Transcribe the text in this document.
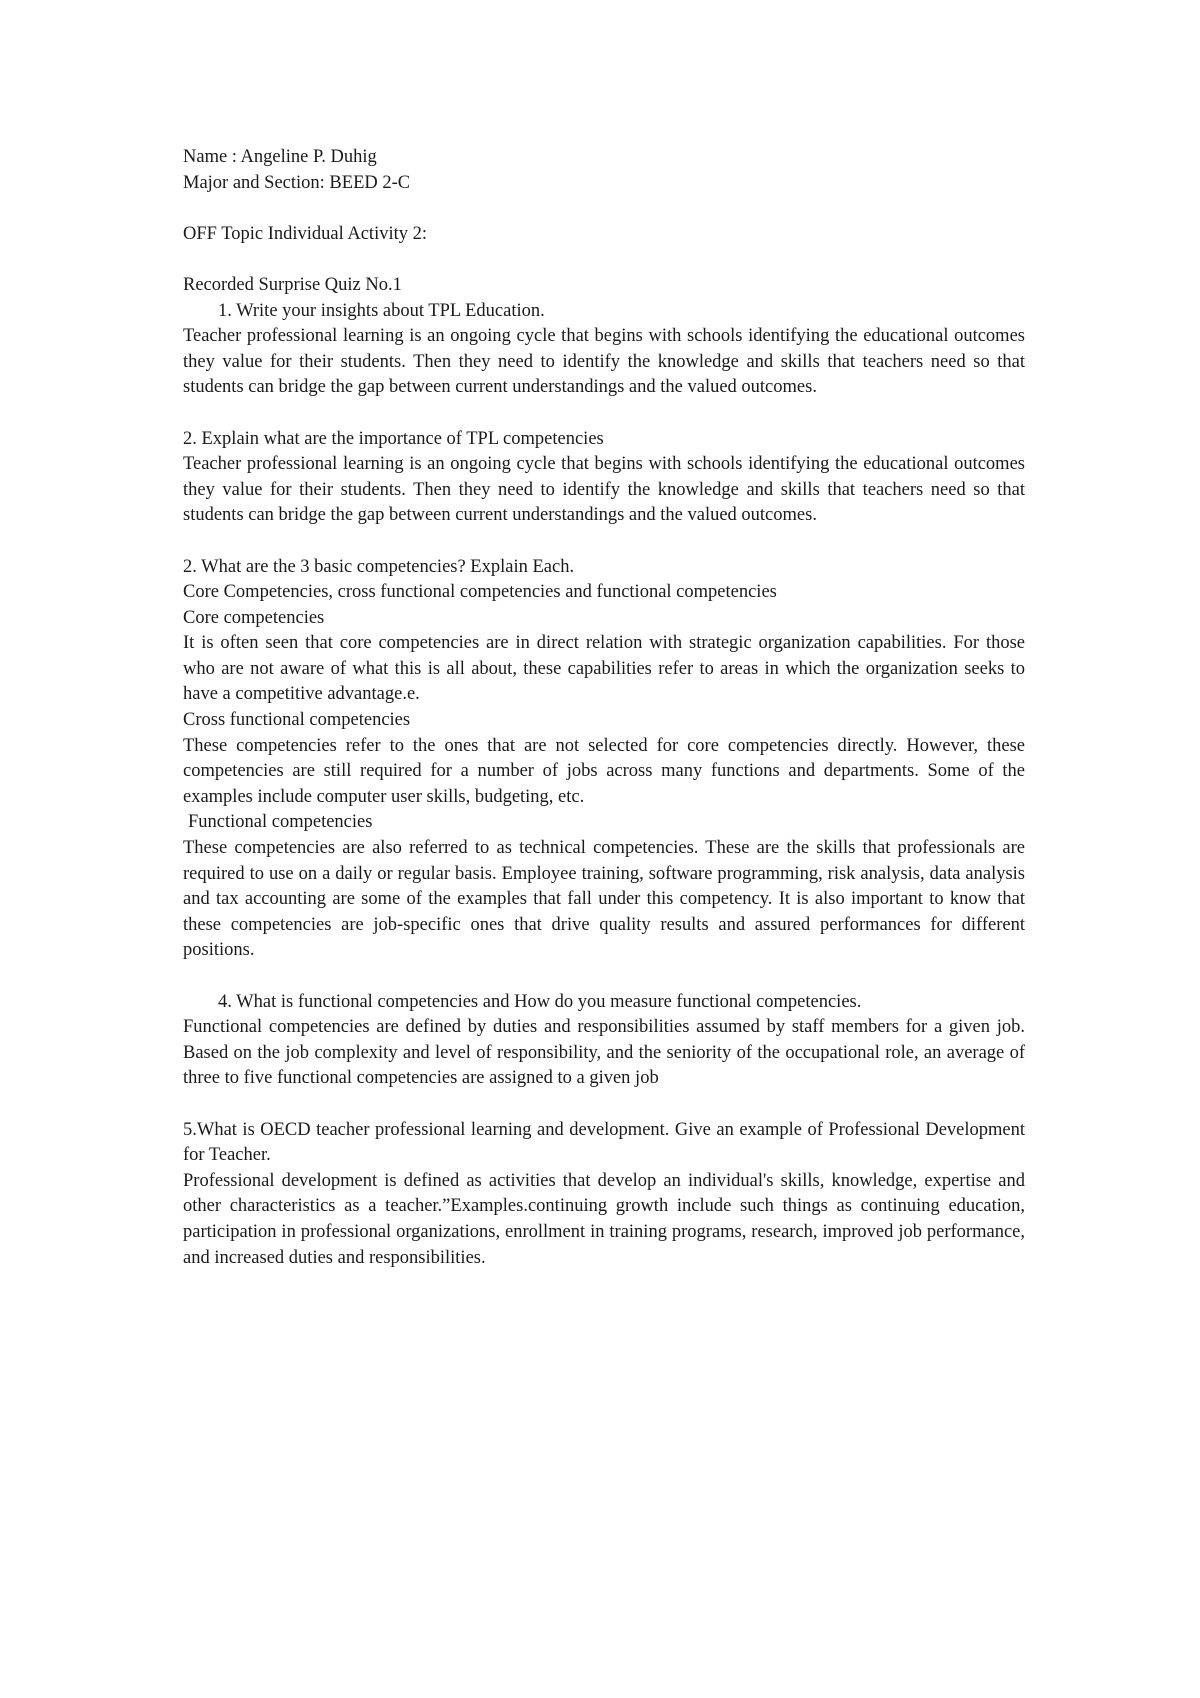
Name : Angeline P. Duhig

Major and Section: BEED 2-C

OFF Topic Individual Activity 2:

Recorded Surprise Quiz No.1

1. Write your insights about TPL Education.

Teacher professional learning is an ongoing cycle that begins with schools identifying the educational outcomes they value for their students. Then they need to identify the knowledge and skills that teachers need so that students can bridge the gap between current understandings and the valued outcomes.

2. Explain what are the importance of TPL competencies

Teacher professional learning is an ongoing cycle that begins with schools identifying the educational outcomes they value for their students. Then they need to identify the knowledge and skills that teachers need so that students can bridge the gap between current understandings and the valued outcomes.

2. What are the 3 basic competencies? Explain Each.

Core Competencies, cross functional competencies and functional competencies

Core competencies

It is often seen that core competencies are in direct relation with strategic organization capabilities. For those who are not aware of what this is all about, these capabilities refer to areas in which the organization seeks to have a competitive advantage.e.

Cross functional competencies

These competencies refer to the ones that are not selected for core competencies directly. However, these competencies are still required for a number of jobs across many functions and departments. Some of the examples include computer user skills, budgeting, etc.

Functional competencies

These competencies are also referred to as technical competencies. These are the skills that professionals are required to use on a daily or regular basis. Employee training, software programming, risk analysis, data analysis and tax accounting are some of the examples that fall under this competency. It is also important to know that these competencies are job-specific ones that drive quality results and assured performances for different positions.

4. What is functional competencies and How do you measure functional competencies.

Functional competencies are defined by duties and responsibilities assumed by staff members for a given job. Based on the job complexity and level of responsibility, and the seniority of the occupational role, an average of three to five functional competencies are assigned to a given job

5.What is OECD teacher professional learning and development. Give an example of Professional Development for Teacher.

Professional development is defined as activities that develop an individual's skills, knowledge, expertise and other characteristics as a teacher.”Examples.continuing growth include such things as continuing education, participation in professional organizations, enrollment in training programs, research, improved job performance, and increased duties and responsibilities.
